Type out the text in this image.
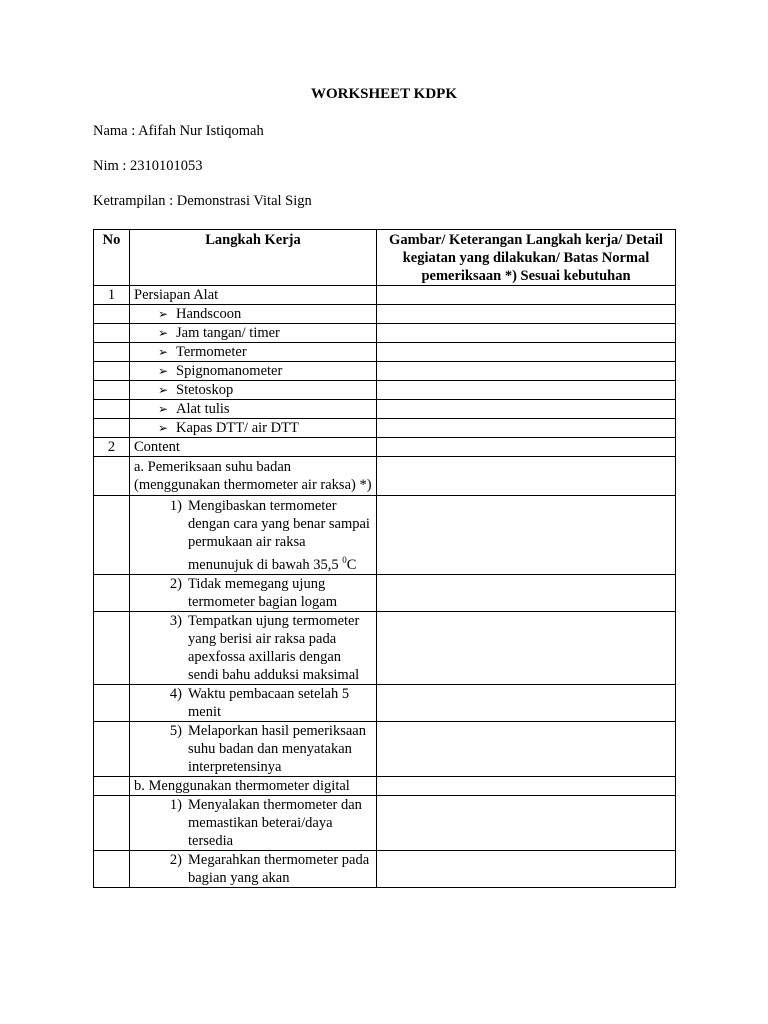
WORKSHEET KDPK
Nama : Afifah Nur Istiqomah
Nim : 2310101053
Ketrampilan : Demonstrasi Vital Sign
No	Langkah Kerja	Gambar/ Keterangan Langkah kerja/ Detail kegiatan yang dilakukan/ Batas Normal pemeriksaan *) Sesuai kebutuhan
1	Persiapan Alat	
	➢ Handscoon	
	➢ Jam tangan/ timer	
	➢ Termometer	
	➢ Spignomanometer	
	➢ Stetoskop	
	➢ Alat tulis	
	➢ Kapas DTT/ air DTT	
2	Content	
	a. Pemeriksaan suhu badan (menggunakan thermometer air raksa) *)	

	1) Mengibaskan termometer dengan cara yang benar sampai permukaan air raksa menunujuk di bawah 35,5 $^0$C	

	2) Tidak memegang ujung termometer bagian logam	

	3) Tempatkan ujung termometer yang berisi air raksa pada apexfossa axillaris dengan sendi bahu adduksi maksimal	

	4) Waktu pembacaan setelah 5 menit	

	5) Melaporkan hasil pemeriksaan suhu badan dan menyatakan interpretensinya	

	b. Menggunakan thermometer digital	

	1) Menyalakan thermometer dan memastikan beterai/daya tersedia	

	2) Megarahkan thermometer pada bagian yang akan	
